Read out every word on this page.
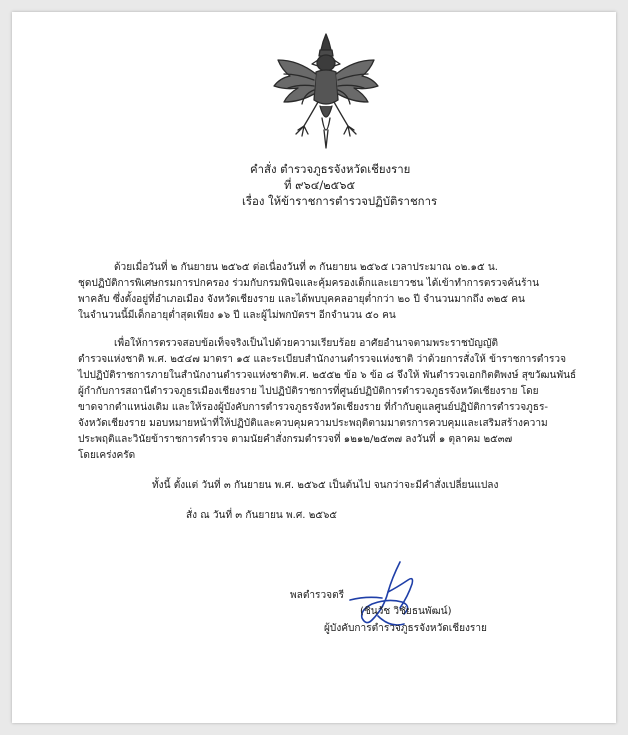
คำสั่ง ตำรวจภูธรจังหวัดเชียงราย
ที่ ๙๖๔/๒๕๖๕
เรื่อง ให้ข้าราชการตำรวจปฏิบัติราชการ
ด้วยเมื่อวันที่ ๒ กันยายน ๒๕๖๕ ต่อเนื่องวันที่ ๓ กันยายน ๒๕๖๕ เวลาประมาณ ๐๒.๑๕ น.
ชุดปฏิบัติการพิเศษกรมการปกครอง ร่วมกับกรมพินิจและคุ้มครองเด็กและเยาวชน ได้เข้าทำการตรวจค้นร้าน
พาคลับ ซึ่งตั้งอยู่ที่อำเภอเมือง จังหวัดเชียงราย และได้พบบุคคลอายุต่ำกว่า ๒๐ ปี จำนวนมากถึง ๓๒๕ คน
ในจำนวนนี้มีเด็กอายุต่ำสุดเพียง ๑๖ ปี และผู้ไม่พกบัตรฯ อีกจำนวน ๕๐ คน
เพื่อให้การตรวจสอบข้อเท็จจริงเป็นไปด้วยความเรียบร้อย อาศัยอำนาจตามพระราชบัญญัติ
ตำรวจแห่งชาติ พ.ศ. ๒๕๔๗ มาตรา ๑๕ และระเบียบสำนักงานตำรวจแห่งชาติ ว่าด้วยการสั่งให้ ข้าราชการตำรวจ
ไปปฏิบัติราชการภายในสำนักงานตำรวจแห่งชาติพ.ศ. ๒๕๕๒ ข้อ ๖ ข้อ ๘ จึงให้ พันตำรวจเอกกิตติพงษ์ สุขวัฒนพันธ์
ผู้กำกับการสถานีตำรวจภูธรเมืองเชียงราย ไปปฏิบัติราชการที่ศูนย์ปฏิบัติการตำรวจภูธรจังหวัดเชียงราย โดย
ขาดจากตำแหน่งเดิม และให้รองผู้บังคับการตำรวจภูธรจังหวัดเชียงราย ที่กำกับดูแลศูนย์ปฏิบัติการตำรวจภูธร-
จังหวัดเชียงราย มอบหมายหน้าที่ให้ปฏิบัติและควบคุมความประพฤติตามมาตรการควบคุมและเสริมสร้างความ
ประพฤติและวินัยข้าราชการตำรวจ ตามนัยคำสั่งกรมตำรวจที่ ๑๒๑๒/๒๕๓๗ ลงวันที่ ๑ ตุลาคม ๒๕๓๗
โดยเคร่งครัด
ทั้งนี้ ตั้งแต่ วันที่ ๓ กันยายน พ.ศ. ๒๕๖๕ เป็นต้นไป จนกว่าจะมีคำสั่งเปลี่ยนแปลง
สั่ง ณ วันที่ ๓ กันยายน พ.ศ. ๒๕๖๕
พลตำรวจตรี
(ชินวัช วิชัยธนพัฒน์)
ผู้บังคับการตำรวจภูธรจังหวัดเชียงราย
